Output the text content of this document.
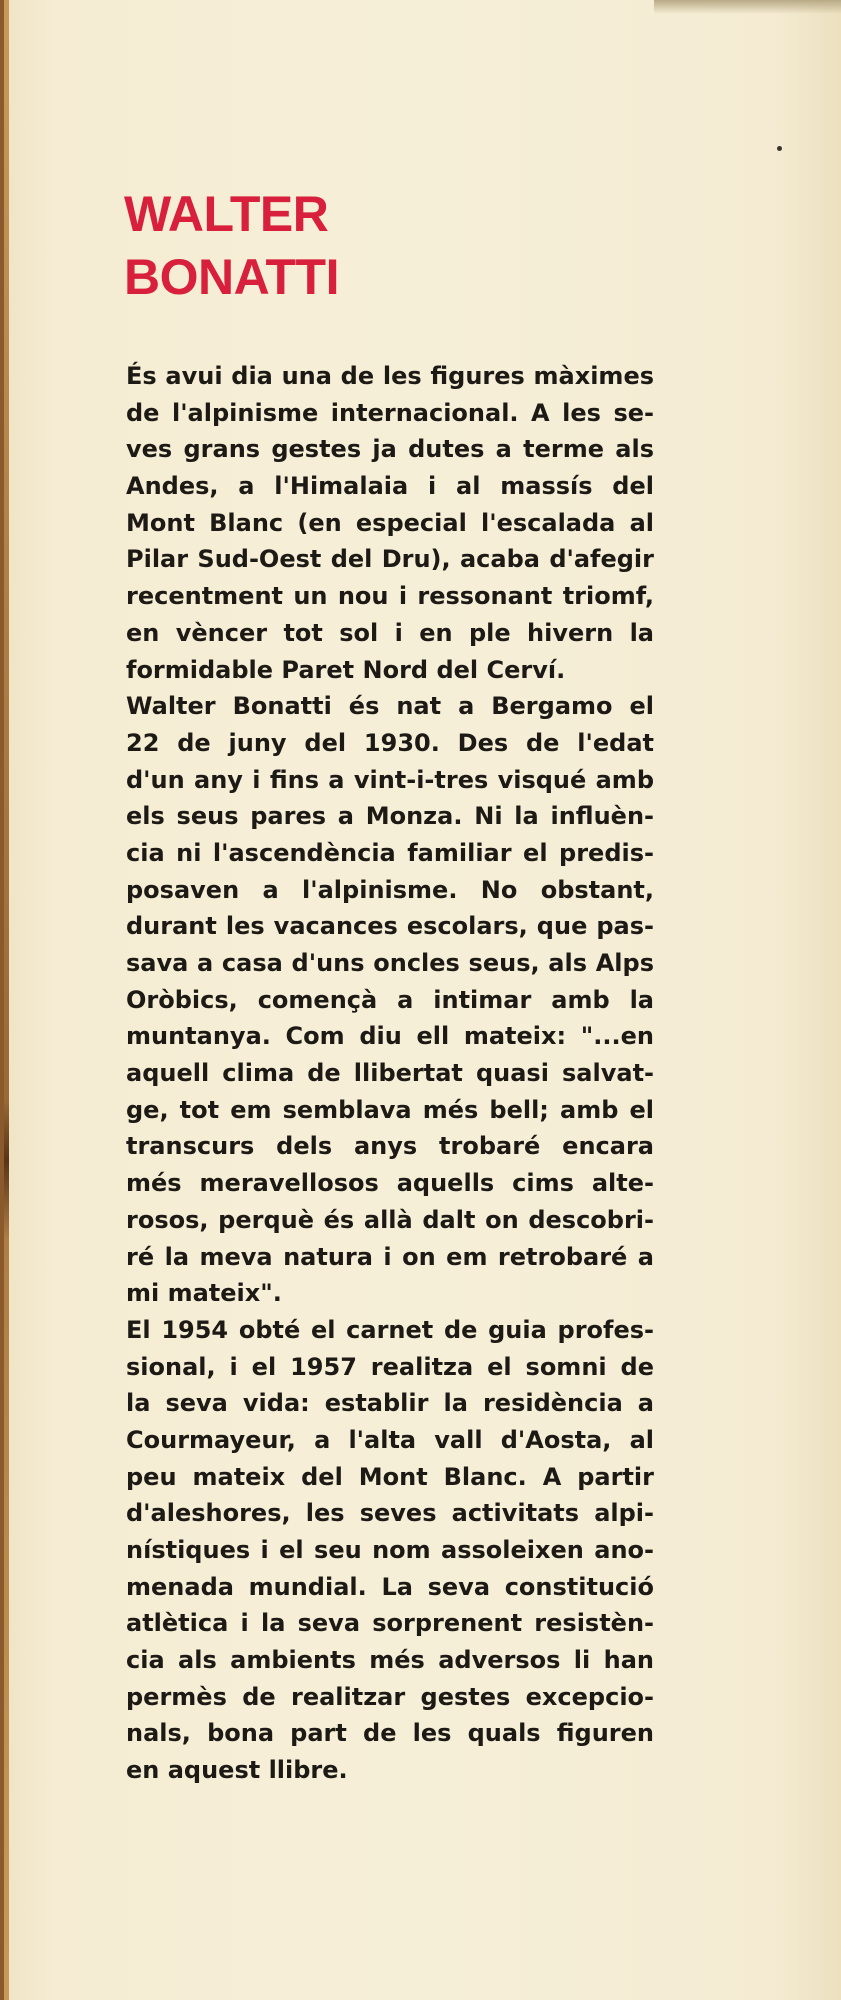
WALTER
BONATTI
És avui dia una de les figures màximes
de l'alpinisme internacional. A les se-
ves grans gestes ja dutes a terme als
Andes, a l'Himalaia i al massís del
Mont Blanc (en especial l'escalada al
Pilar Sud-Oest del Dru), acaba d'afegir
recentment un nou i ressonant triomf,
en vèncer tot sol i en ple hivern la
formidable Paret Nord del Cerví.
Walter Bonatti és nat a Bergamo el
22 de juny del 1930. Des de l'edat
d'un any i fins a vint-i-tres visqué amb
els seus pares a Monza. Ni la influèn-
cia ni l'ascendència familiar el predis-
posaven a l'alpinisme. No obstant,
durant les vacances escolars, que pas-
sava a casa d'uns oncles seus, als Alps
Oròbics, començà a intimar amb la
muntanya. Com diu ell mateix: "...en
aquell clima de llibertat quasi salvat-
ge, tot em semblava més bell; amb el
transcurs dels anys trobaré encara
més meravellosos aquells cims alte-
rosos, perquè és allà dalt on descobri-
ré la meva natura i on em retrobaré a
mi mateix".
El 1954 obté el carnet de guia profes-
sional, i el 1957 realitza el somni de
la seva vida: establir la residència a
Courmayeur, a l'alta vall d'Aosta, al
peu mateix del Mont Blanc. A partir
d'aleshores, les seves activitats alpi-
nístiques i el seu nom assoleixen ano-
menada mundial. La seva constitució
atlètica i la seva sorprenent resistèn-
cia als ambients més adversos li han
permès de realitzar gestes excepcio-
nals, bona part de les quals figuren
en aquest llibre.
